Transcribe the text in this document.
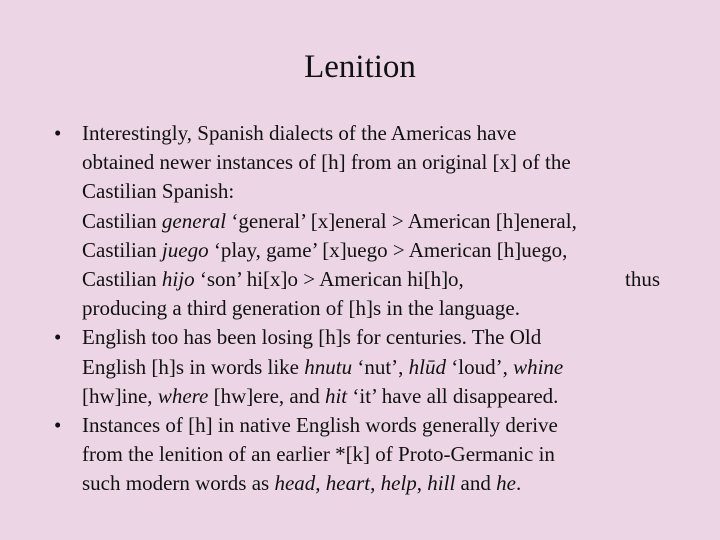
Lenition
• Interestingly, Spanish dialects of the Americas have
obtained newer instances of [h] from an original [x] of the
Castilian Spanish:
Castilian general ‘general’ [x]eneral > American [h]eneral,
Castilian juego ‘play, game’ [x]uego > American [h]uego,
Castilian hijo ‘son’ hi[x]o > American hi[h]o,	thus
producing a third generation of [h]s in the language.
• English too has been losing [h]s for centuries. The Old
English [h]s in words like hnutu ‘nut’, hlūd ‘loud’, whine
[hw]ine, where [hw]ere, and hit ‘it’ have all disappeared.
• Instances of [h] in native English words generally derive
from the lenition of an earlier *[k] of Proto-Germanic in
such modern words as head, heart, help, hill and he.
